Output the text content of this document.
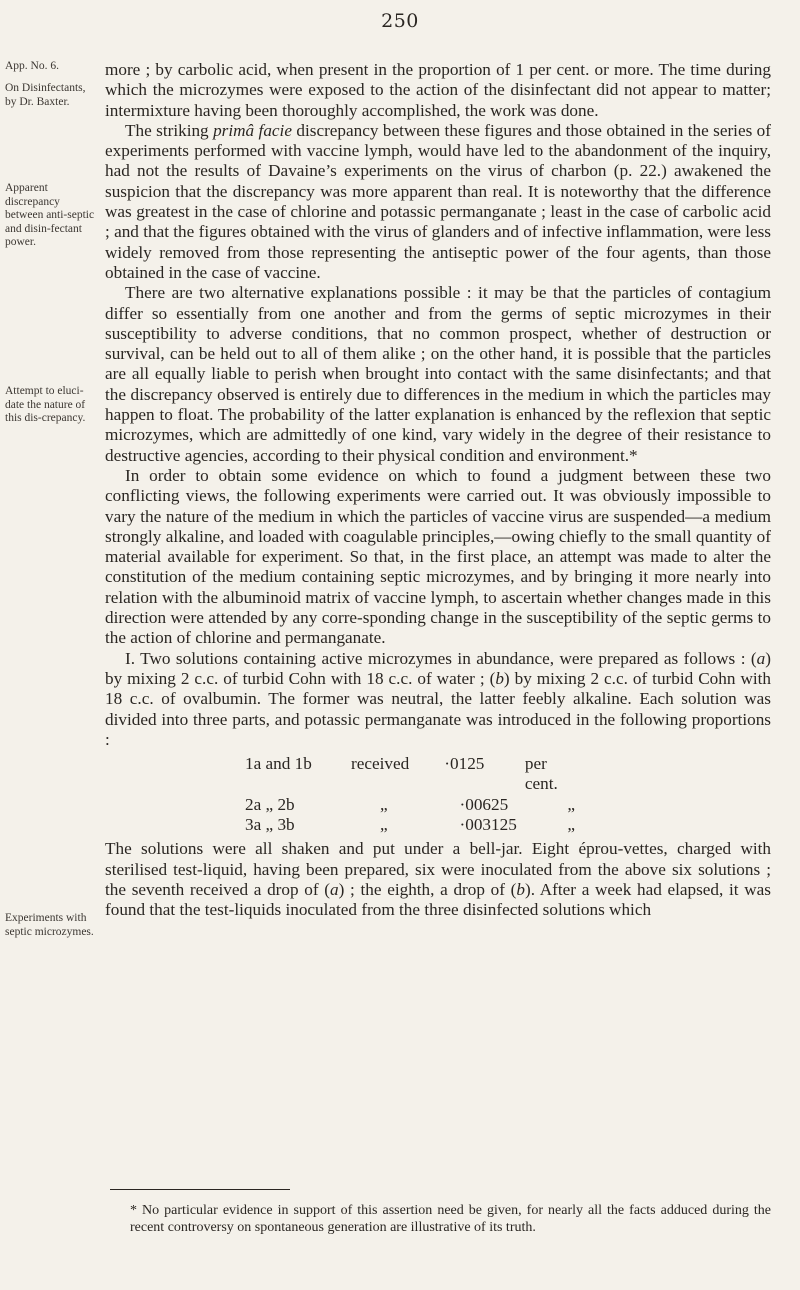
250
App. No. 6.
On Disinfectants, by Dr. Baxter.
Apparent discrepancy between anti-septic and disin-fectant power.
Attempt to eluci-date the nature of this dis-crepancy.
Experiments with septic microzymes.

more ; by carbolic acid, when present in the proportion of 1 per cent. or more. The time during which the microzymes were exposed to the action of the disinfectant did not appear to matter; intermixture having been thoroughly accomplished, the work was done.

The striking primâ facie discrepancy between these figures and those obtained in the series of experiments performed with vaccine lymph, would have led to the abandonment of the inquiry, had not the results of Davaine’s experiments on the virus of charbon (p. 22.) awakened the suspicion that the discrepancy was more apparent than real. It is noteworthy that the difference was greatest in the case of chlorine and potassic permanganate ; least in the case of carbolic acid ; and that the figures obtained with the virus of glanders and of infective inflammation, were less widely removed from those representing the antiseptic power of the four agents, than those obtained in the case of vaccine.

There are two alternative explanations possible : it may be that the particles of contagium differ so essentially from one another and from the germs of septic microzymes in their susceptibility to adverse conditions, that no common prospect, whether of destruction or survival, can be held out to all of them alike ; on the other hand, it is possible that the particles are all equally liable to perish when brought into contact with the same disinfectants; and that the discrepancy observed is entirely due to differences in the medium in which the particles may happen to float. The probability of the latter explanation is enhanced by the reflexion that septic microzymes, which are admittedly of one kind, vary widely in the degree of their resistance to destructive agencies, according to their physical condition and environment.*

In order to obtain some evidence on which to found a judgment between these two conflicting views, the following experiments were carried out. It was obviously impossible to vary the nature of the medium in which the particles of vaccine virus are suspended—a medium strongly alkaline, and loaded with coagulable principles,—owing chiefly to the small quantity of material available for experiment. So that, in the first place, an attempt was made to alter the constitution of the medium containing septic microzymes, and by bringing it more nearly into relation with the albuminoid matrix of vaccine lymph, to ascertain whether changes made in this direction were attended by any corre-sponding change in the susceptibility of the septic germs to the action of chlorine and permanganate.

I. Two solutions containing active microzymes in abundance, were prepared as follows : (a) by mixing 2 c.c. of turbid Cohn with 18 c.c. of water ; (b) by mixing 2 c.c. of turbid Cohn with 18 c.c. of ovalbumin. The former was neutral, the latter feebly alkaline. Each solution was divided into three parts, and potassic permanganate was introduced in the following proportions :

1a and 1b	received	·0125	per cent.
2a „ 2b	„	·00625	„
3a „ 3b	„	·003125	„

The solutions were all shaken and put under a bell-jar. Eight éprou-vettes, charged with sterilised test-liquid, having been prepared, six were inoculated from the above six solutions ; the seventh received a drop of (a) ; the eighth, a drop of (b). After a week had elapsed, it was found that the test-liquids inoculated from the three disinfected solutions which

* No particular evidence in support of this assertion need be given, for nearly all the facts adduced during the recent controversy on spontaneous generation are illustrative of its truth.
